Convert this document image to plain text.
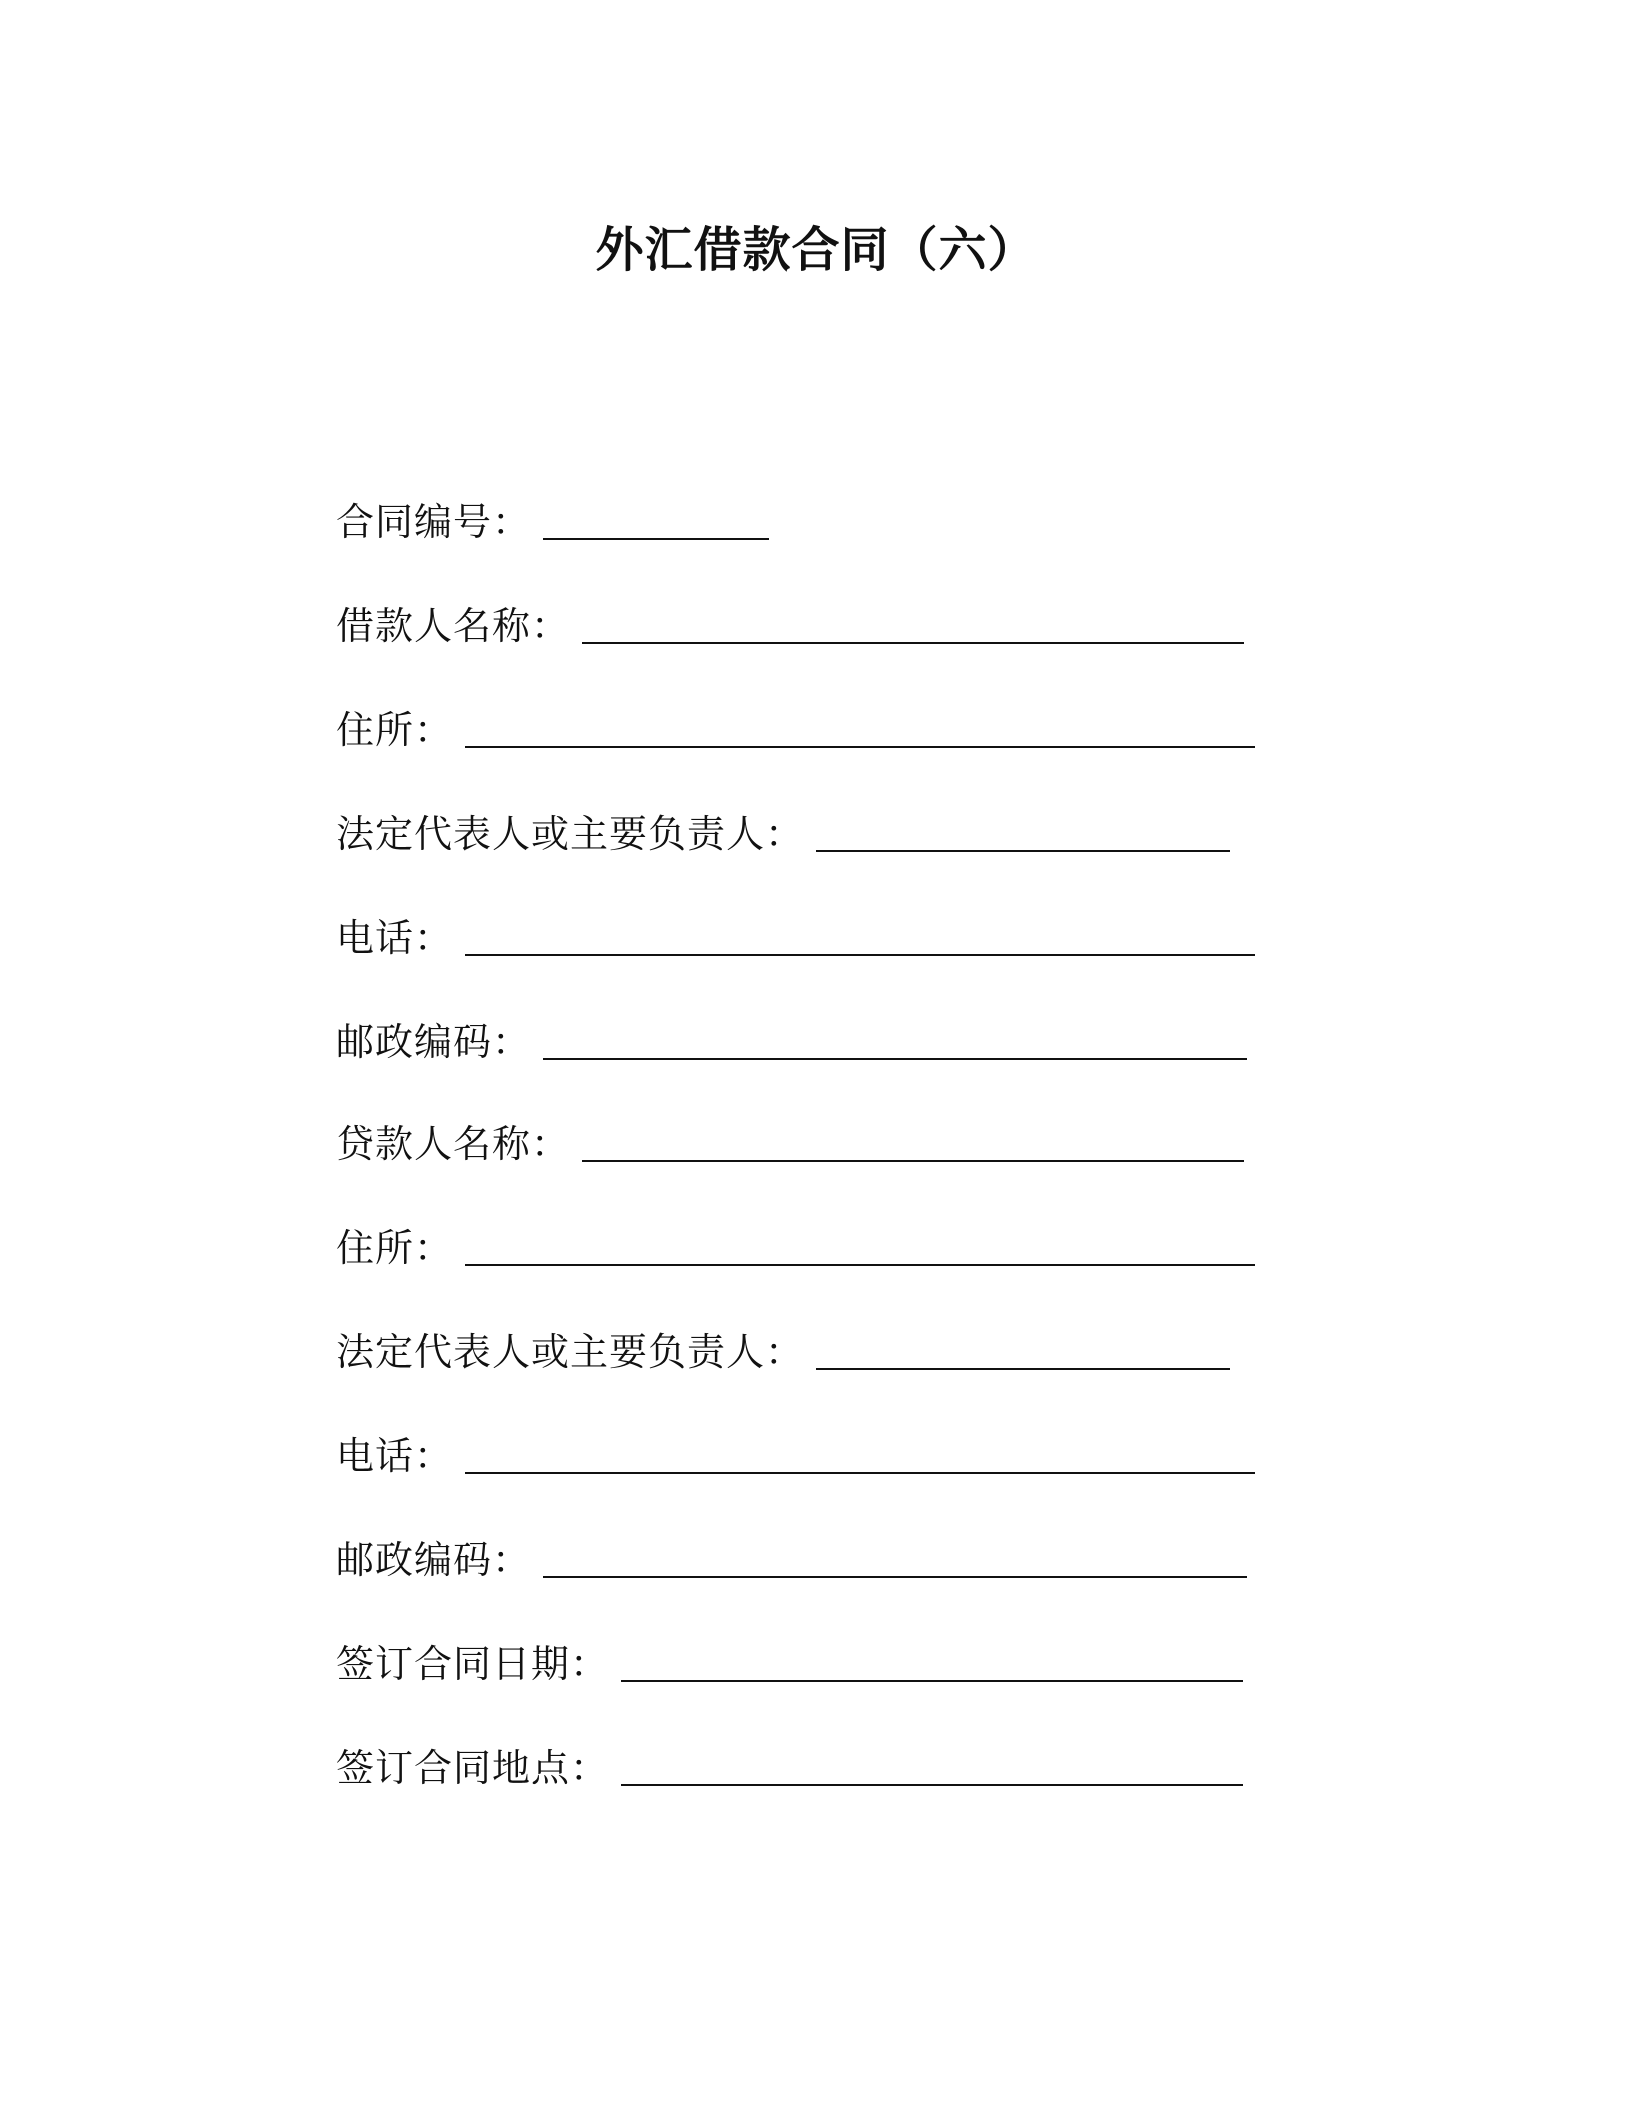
外汇借款合同（六）
合同编号：
借款人名称：
住所：
法定代表人或主要负责人：
电话：
邮政编码：
贷款人名称：
住所：
法定代表人或主要负责人：
电话：
邮政编码：
签订合同日期：
签订合同地点：
